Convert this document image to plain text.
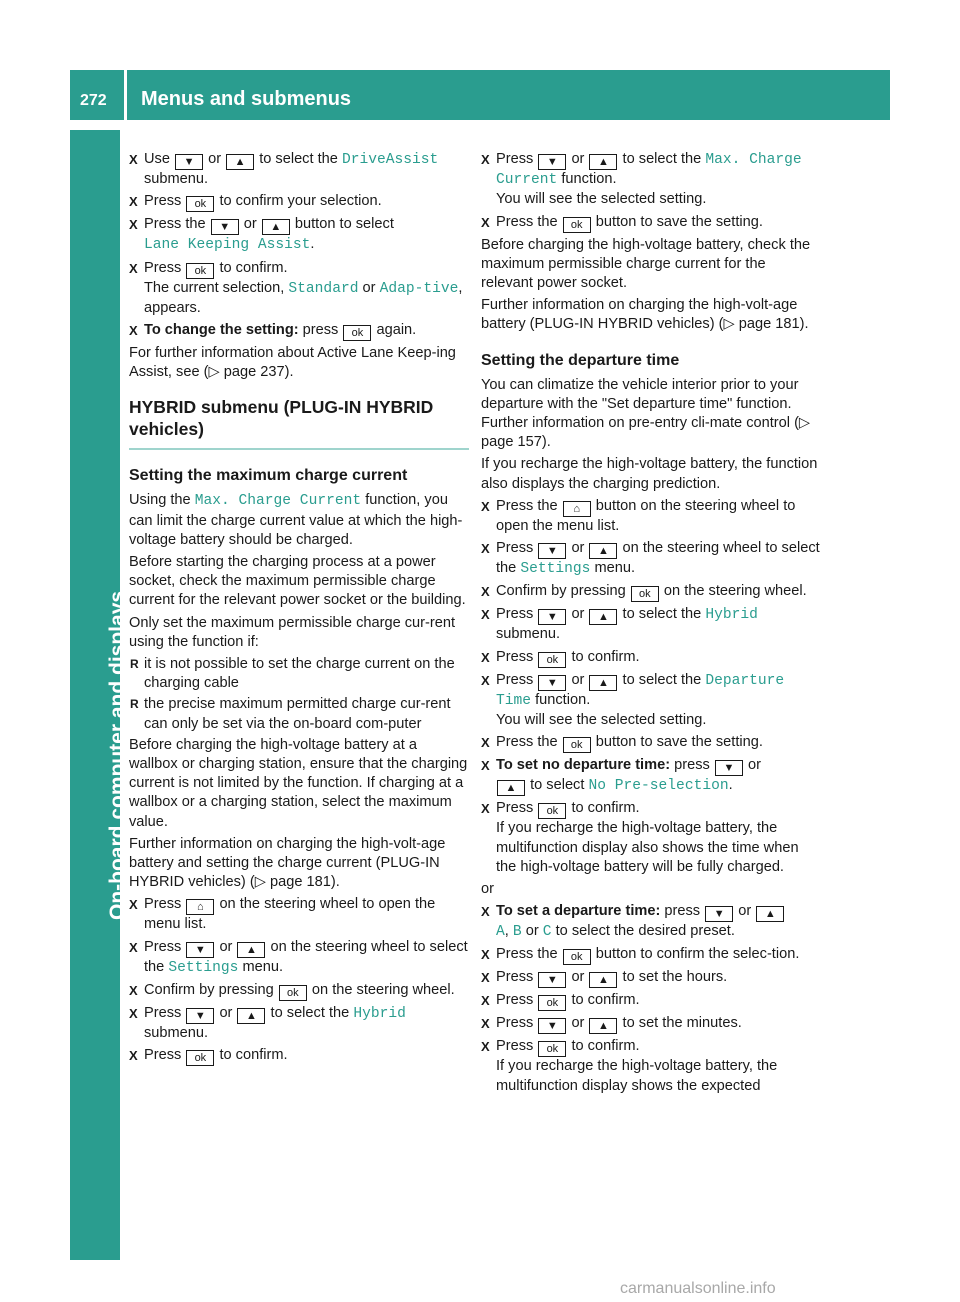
272 Menus and submenus
On-board computer and displays
X Use ▼ or ▲ to select the DriveAssist
submenu.
X Press ok to confirm your selection.
X Press the ▼ or ▲ button to select
Lane Keeping Assist.
X Press ok to confirm.
The current selection, Standard or Adap‐tive, appears.
X To change the setting: press ok again.

For further information about Active Lane Keep‐ing Assist, see (▷ page 237).

HYBRID submenu (PLUG-IN HYBRID vehicles)
Setting the maximum charge current

Using the Max. Charge Current function, you can limit the charge current value at which the high-voltage battery should be charged.

Before starting the charging process at a power socket, check the maximum permissible charge current for the relevant power socket or the building.

Only set the maximum permissible charge cur‐rent using the function if:

R it is not possible to set the charge current on the charging cable
R the precise maximum permitted charge cur‐rent can only be set via the on-board com‐puter

Before charging the high-voltage battery at a wallbox or charging station, ensure that the charging current is not limited by the function. If charging at a wallbox or a charging station, select the maximum value.

Further information on charging the high-volt‐age battery and setting the charge current (PLUG-IN HYBRID vehicles) (▷ page 181).

X Press ⌂ on the steering wheel to open the menu list.
X Press ▼ or ▲ on the steering wheel to select the Settings menu.
X Confirm by pressing ok on the steering wheel.
X Press ▼ or ▲ to select the Hybrid
submenu.
X Press ok to confirm.
X Press ▼ or ▲ to select the Max. Charge Current function.
You will see the selected setting.
X Press the ok button to save the setting.

Before charging the high-voltage battery, check the maximum permissible charge current for the relevant power socket.

Further information on charging the high-volt‐age battery (PLUG-IN HYBRID vehicles) (▷ page 181).

Setting the departure time

You can climatize the vehicle interior prior to your departure with the "Set departure time" function. Further information on pre-entry cli‐mate control (▷ page 157).

If you recharge the high-voltage battery, the function also displays the charging prediction.

X Press the ⌂ button on the steering wheel to open the menu list.
X Press ▼ or ▲ on the steering wheel to select the Settings menu.
X Confirm by pressing ok on the steering wheel.
X Press ▼ or ▲ to select the Hybrid
submenu.
X Press ok to confirm.
X Press ▼ or ▲ to select the Departure Time function.
You will see the selected setting.
X Press the ok button to save the setting.
X To set no departure time: press ▼ or
▲ to select No Pre-selection.
X Press ok to confirm.
If you recharge the high-voltage battery, the multifunction display also shows the time when the high-voltage battery will be fully charged.

or

X To set a departure time: press ▼ or ▲
A, B or C to select the desired preset.
X Press the ok button to confirm the selec‐tion.
X Press ▼ or ▲ to set the hours.
X Press ok to confirm.
X Press ▼ or ▲ to set the minutes.
X Press ok to confirm.
If you recharge the high-voltage battery, the multifunction display shows the expected
carmanualsonline.info
